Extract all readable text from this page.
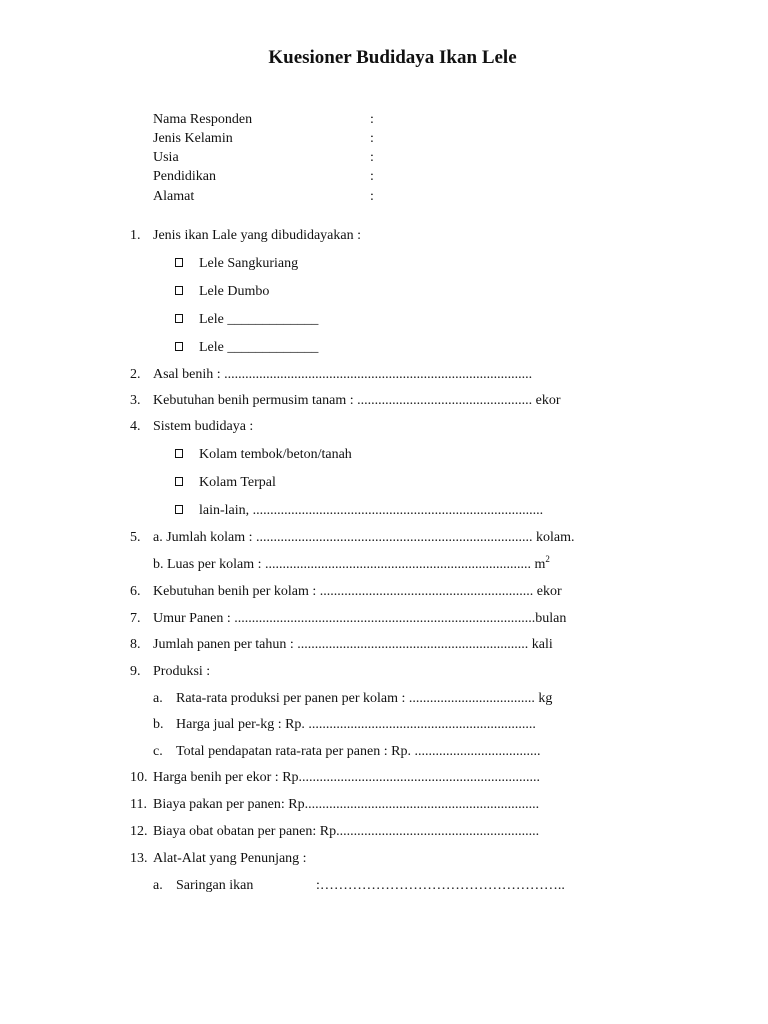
Kuesioner Budidaya Ikan Lele
Nama Responden	:
Jenis Kelamin	:
Usia	:
Pendidikan	:
Alamat	:
1. Jenis ikan Lale yang dibudidayakan :
Lele Sangkuriang
Lele Dumbo
Lele _____________
Lele _____________
2. Asal benih : ........................................................................................
3. Kebutuhan benih permusim tanam : .................................................. ekor
4. Sistem budidaya :
Kolam tembok/beton/tanah
Kolam Terpal
lain-lain, ...................................................................................
5. a. Jumlah kolam : ............................................................................... kolam.
b. Luas per kolam : ............................................................................ $m^2$
6. Kebutuhan benih per kolam : ............................................................. ekor
7. Umur Panen : ......................................................................................bulan
8. Jumlah panen per tahun : .................................................................. kali
9. Produksi :
a. Rata-rata produksi per panen per kolam : .................................... kg
b. Harga jual per-kg : Rp. .................................................................
c. Total pendapatan rata-rata per panen : Rp. ....................................
10. Harga benih per ekor : Rp.....................................................................
11. Biaya pakan per panen: Rp...................................................................
12. Biaya obat obatan per panen: Rp..........................................................
13. Alat-Alat yang Penunjang :
a. Saringan ikan	:……………………………………………..
